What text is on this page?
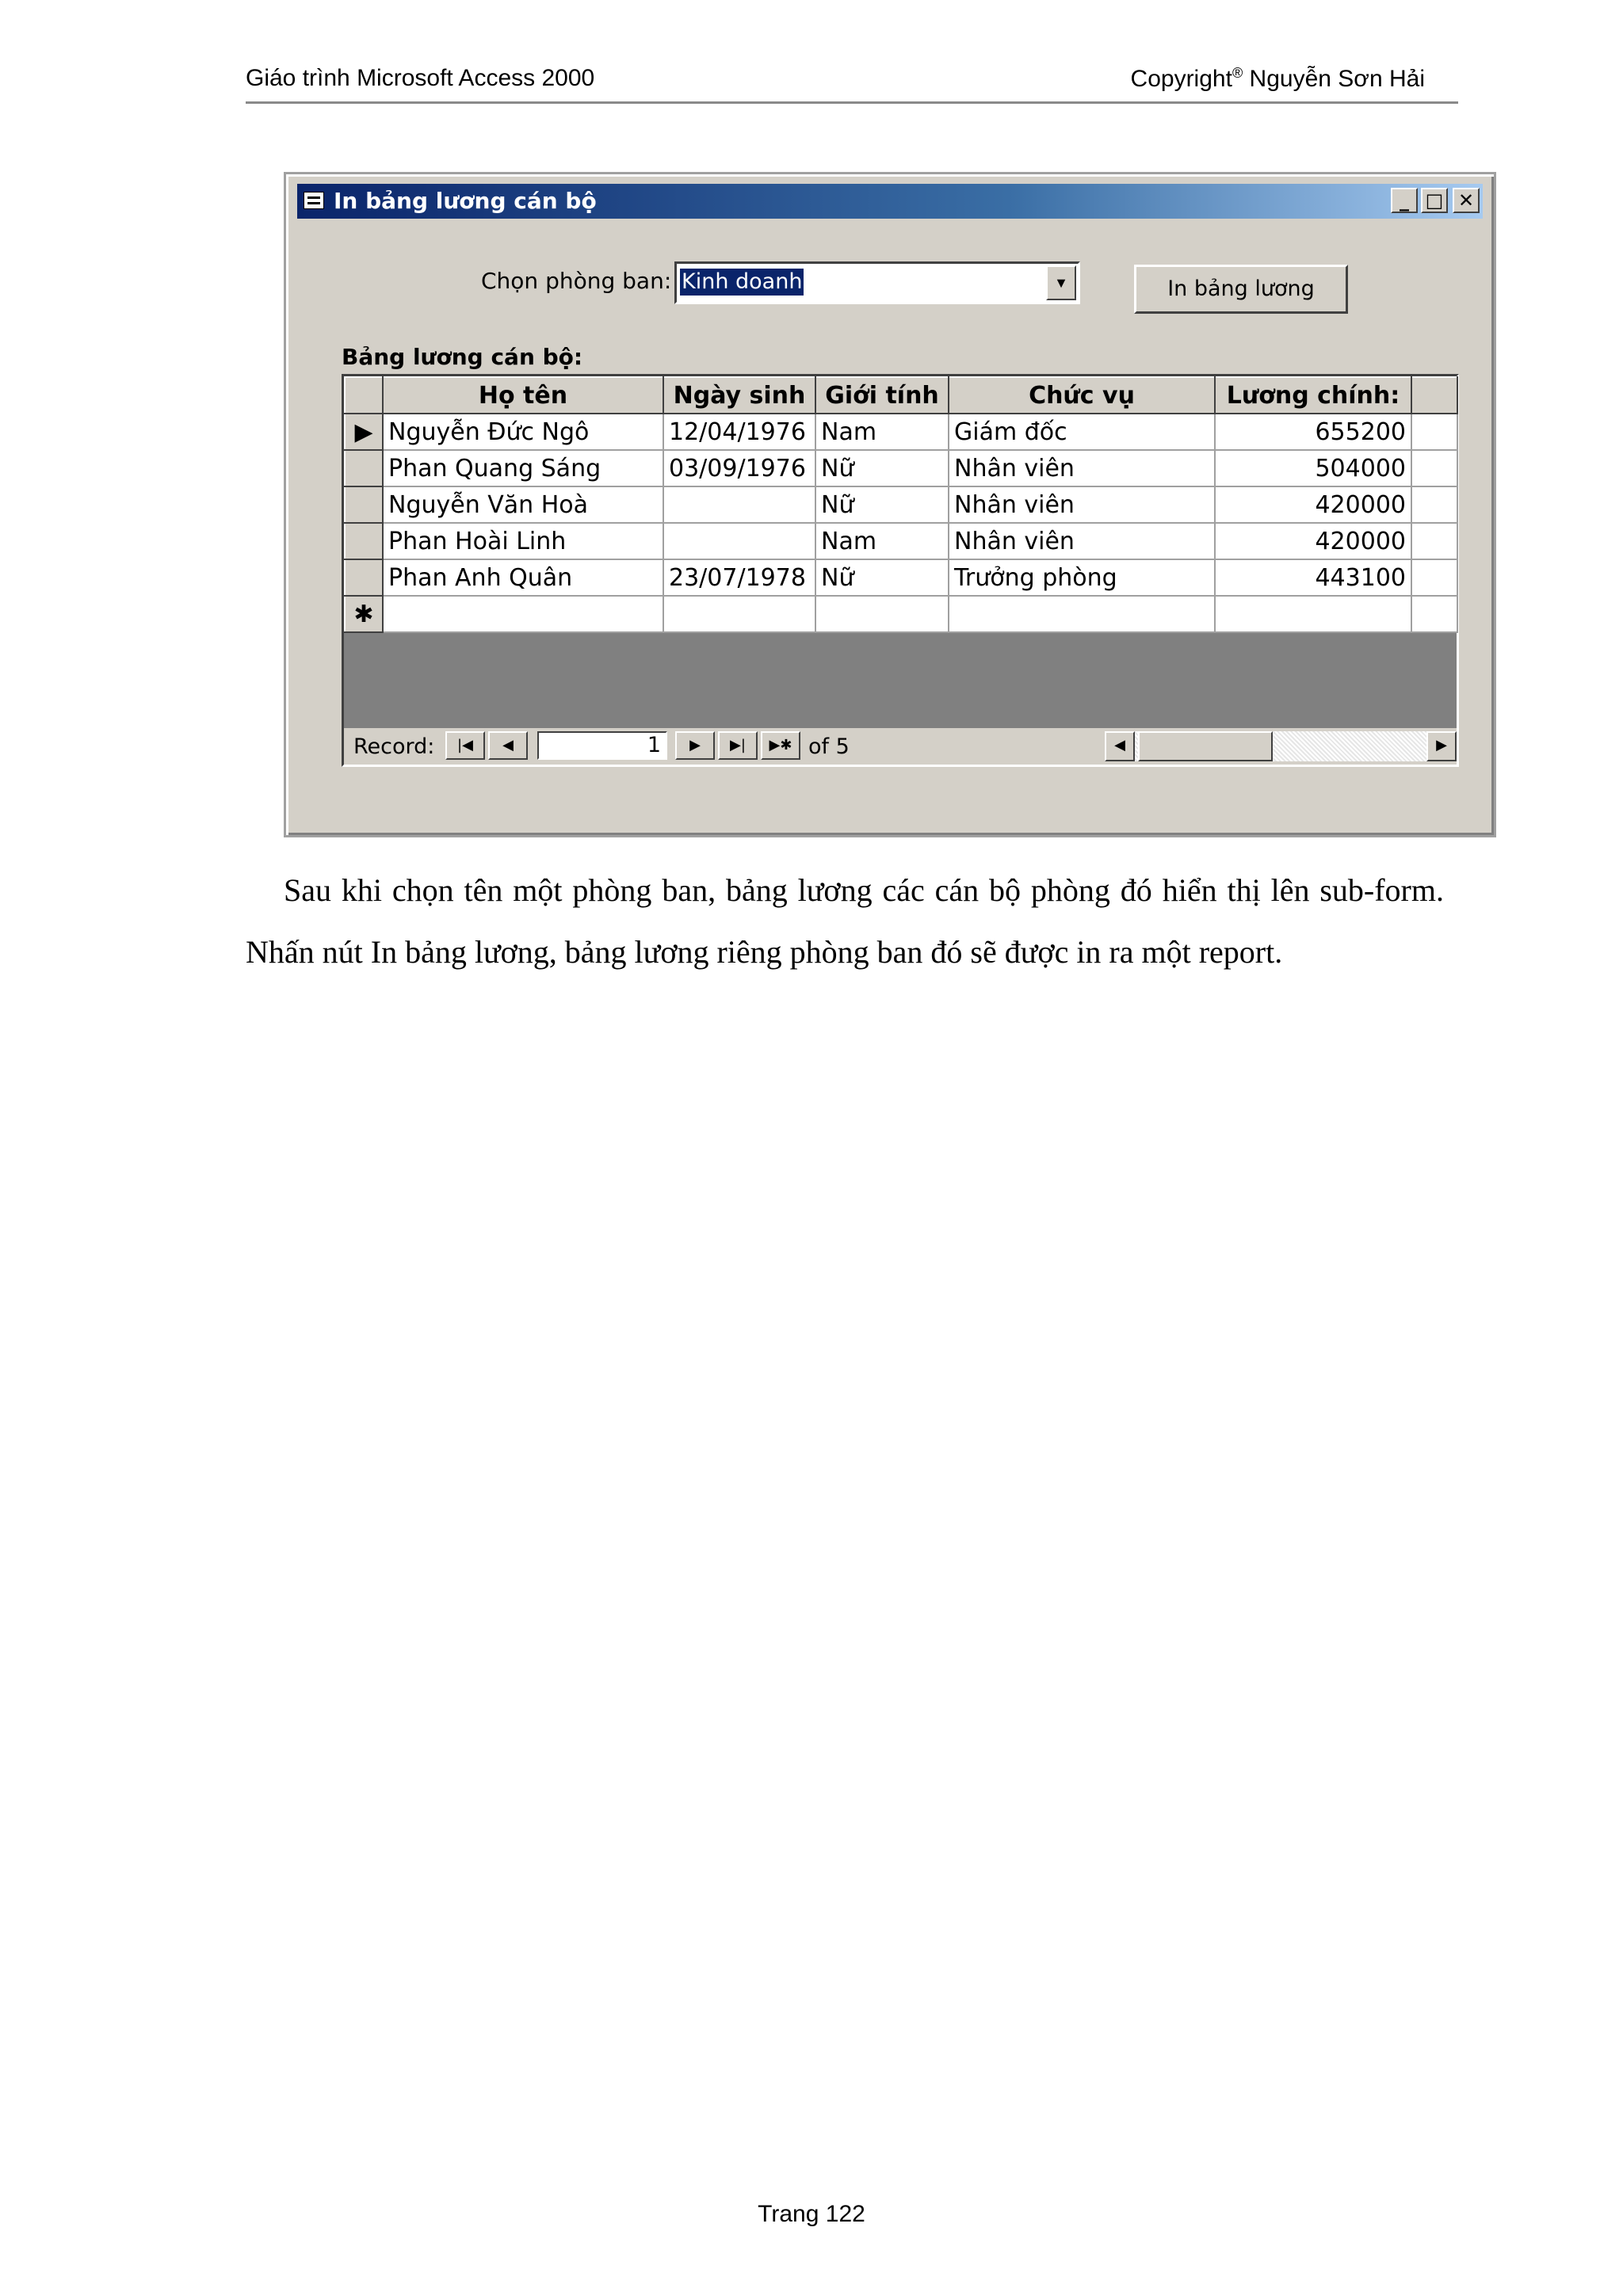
Giáo trình Microsoft Access 2000	Copyright® Nguyễn Sơn Hải
In bảng lương cán bộ	_ □ ✕
Chọn phòng ban: Kinh doanh	▼	In bảng lương
Bảng lương cán bộ:
	Họ tên	Ngày sinh	Giới tính	Chức vụ	Lương chính:	
▶	Nguyễn Đức Ngô	12/04/1976	Nam	Giám đốc	655200	
	Phan Quang Sáng	03/09/1976	Nữ	Nhân viên	504000	
	Nguyễn Văn Hoà		Nữ	Nhân viên	420000	
	Phan Hoài Linh		Nam	Nhân viên	420000	
	Phan Anh Quân	23/07/1978	Nữ	Trưởng phòng	443100	
✱						
Record:	|◀	◀	1	▶	▶|	▶✱ of 5	◀	▶

Sau khi chọn tên một phòng ban, bảng lương các cán bộ phòng đó hiển thị lên sub-form. Nhấn nút In bảng lương, bảng lương riêng phòng ban đó sẽ được in ra một report.

Trang 122
